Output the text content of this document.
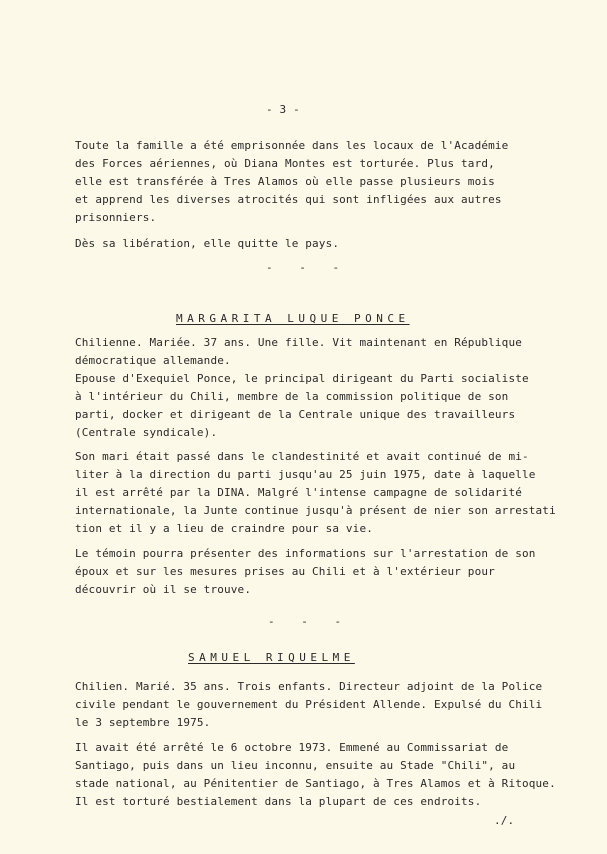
- 3 -
Toute la famille a été emprisonnée dans les locaux de l'Académie
des Forces aériennes, où Diana Montes est torturée. Plus tard,
elle est transférée à Tres Alamos où elle passe plusieurs mois
et apprend les diverses atrocités qui sont infligées aux autres
prisonniers.
Dès sa libération, elle quitte le pays.
- - -
MARGARITA LUQUE PONCE
Chilienne. Mariée. 37 ans. Une fille. Vit maintenant en République
démocratique allemande.
Epouse d'Exequiel Ponce, le principal dirigeant du Parti socialiste
à l'intérieur du Chili, membre de la commission politique de son
parti, docker et dirigeant de la Centrale unique des travailleurs
(Centrale syndicale).
Son mari était passé dans le clandestinité et avait continué de mi-
liter à la direction du parti jusqu'au 25 juin 1975, date à laquelle
il est arrêté par la DINA. Malgré l'intense campagne de solidarité
internationale, la Junte continue jusqu'à présent de nier son arrestati
tion et il y a lieu de craindre pour sa vie.
Le témoin pourra présenter des informations sur l'arrestation de son
époux et sur les mesures prises au Chili et à l'extérieur pour
découvrir où il se trouve.
- - -
SAMUEL RIQUELME
Chilien. Marié. 35 ans. Trois enfants. Directeur adjoint de la Police
civile pendant le gouvernement du Président Allende. Expulsé du Chili
le 3 septembre 1975.
Il avait été arrêté le 6 octobre 1973. Emmené au Commissariat de
Santiago, puis dans un lieu inconnu, ensuite au Stade "Chili", au
stade national, au Pénitentier de Santiago, à Tres Alamos et à Ritoque.
Il est torturé bestialement dans la plupart de ces endroits.
./.
